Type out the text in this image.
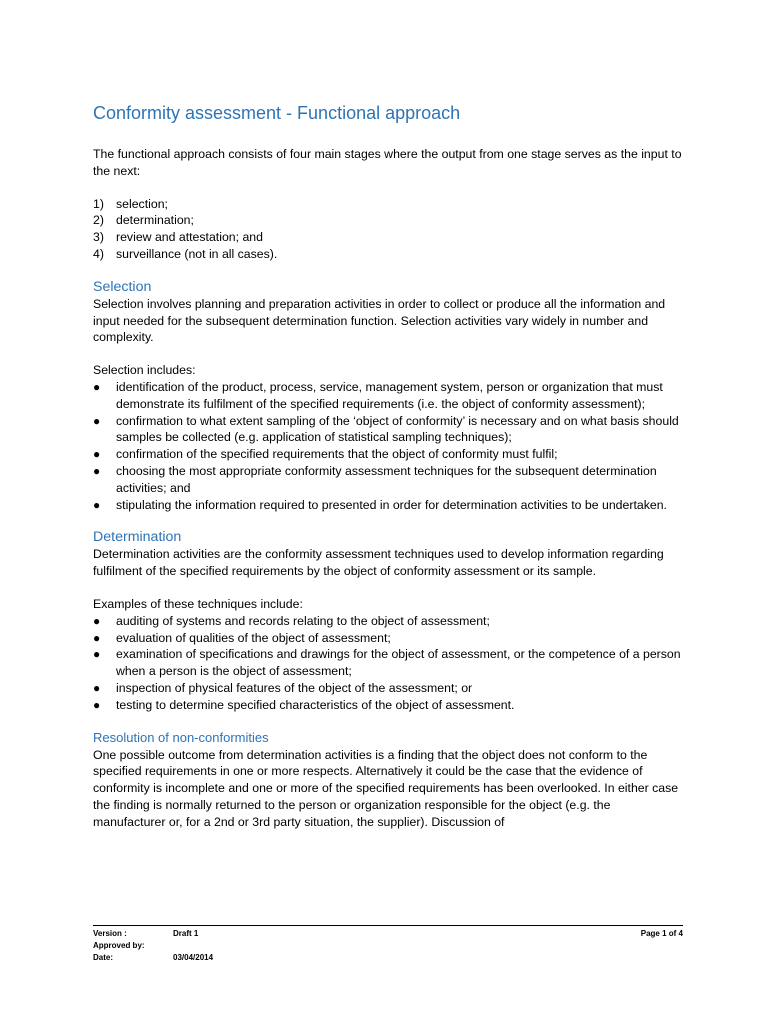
Conformity assessment - Functional approach

The functional approach consists of four main stages where the output from one stage serves as the input to the next:

1) selection;
2) determination;
3) review and attestation; and
4) surveillance (not in all cases).
Selection

Selection involves planning and preparation activities in order to collect or produce all the information and input needed for the subsequent determination function. Selection activities vary widely in number and complexity.

Selection includes:

● identification of the product, process, service, management system, person or organization that must demonstrate its fulfilment of the specified requirements (i.e. the object of conformity assessment);
● confirmation to what extent sampling of the ‘object of conformity’ is necessary and on what basis should samples be collected (e.g. application of statistical sampling techniques);
● confirmation of the specified requirements that the object of conformity must fulfil;
● choosing the most appropriate conformity assessment techniques for the subsequent determination activities; and
● stipulating the information required to presented in order for determination activities to be undertaken.
Determination

Determination activities are the conformity assessment techniques used to develop information regarding fulfilment of the specified requirements by the object of conformity assessment or its sample.

Examples of these techniques include:

● auditing of systems and records relating to the object of assessment;
● evaluation of qualities of the object of assessment;
● examination of specifications and drawings for the object of assessment, or the competence of a person when a person is the object of assessment;
● inspection of physical features of the object of the assessment; or
● testing to determine specified characteristics of the object of assessment.
Resolution of non-conformities

One possible outcome from determination activities is a finding that the object does not conform to the specified requirements in one or more respects. Alternatively it could be the case that the evidence of conformity is incomplete and one or more of the specified requirements has been overlooked. In either case the finding is normally returned to the person or organization responsible for the object (e.g. the manufacturer or, for a 2nd or 3rd party situation, the supplier). Discussion of

Version :	Draft 1	Page 1 of 4
Approved by:
Date:	03/04/2014
